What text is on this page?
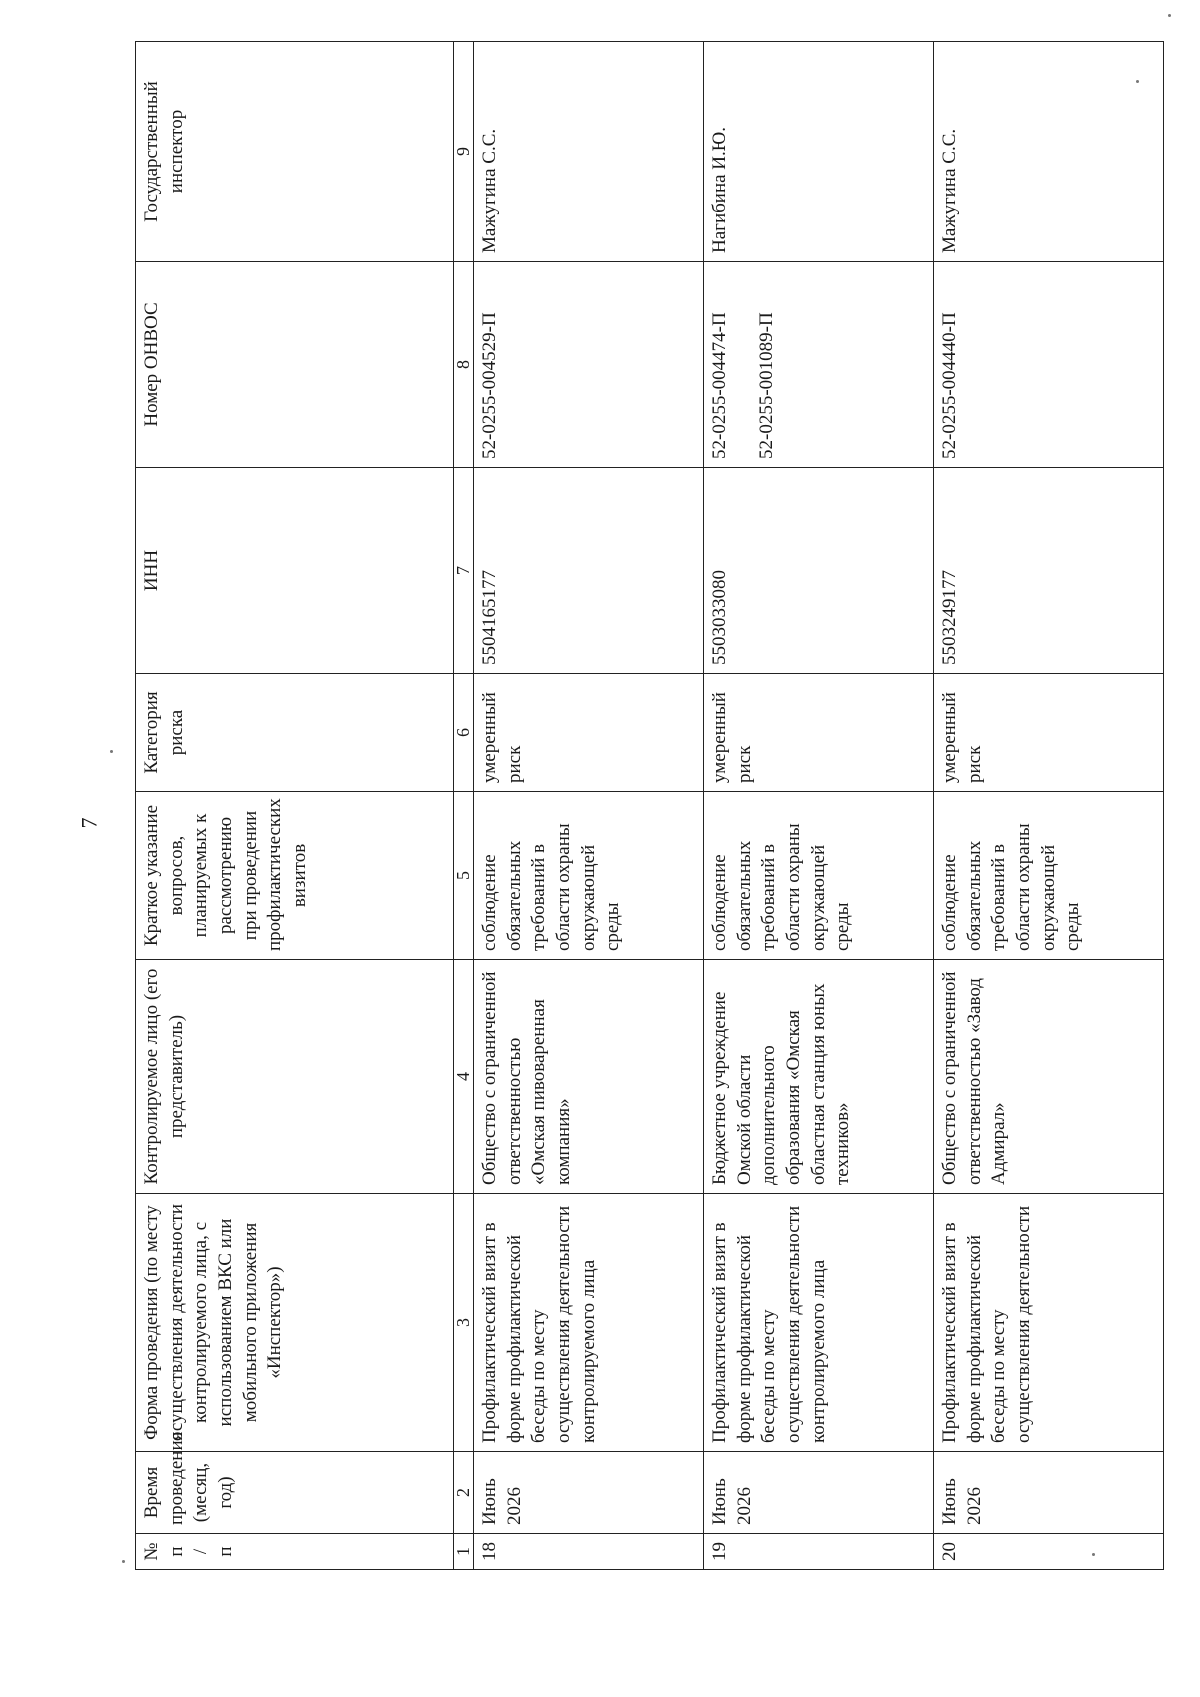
7
№ п / п	Время проведения (месяц, год)	Форма проведения (по месту осуществления деятельности контролируемого лица, с использованием ВКС или мобильного приложения «Инспектор»)	Контролируемое лицо (его представитель)	Краткое указание вопросов, планируемых к рассмотрению при проведении профилактических визитов	Категория риска	ИНН	Номер ОНВОС	Государственный инспектор
1	2	3	4	5	6	7	8	9
18	Июнь 2026	Профилактический визит в форме профилактической беседы по месту осуществления деятельности контролируемого лица	Общество с ограниченной ответственностью «Омская пивоваренная компания»	соблюдение обязательных требований в области охраны окружающей среды	умеренный риск	5504165177	52-0255-004529-П	Мажугина С.С.
19	Июнь 2026	Профилактический визит в форме профилактической беседы по месту осуществления деятельности контролируемого лица	Бюджетное учреждение Омской области дополнительного образования «Омская областная станция юных техников»	соблюдение обязательных требований в области охраны окружающей среды	умеренный риск	5503033080	52-0255-004474-П 52-0255-001089-П	Нагибина И.Ю.
20	Июнь 2026	Профилактический визит в форме профилактической беседы по месту осуществления деятельности	Общество с ограниченной ответственностью «Завод Адмирал»	соблюдение обязательных требований в области охраны окружающей среды	умеренный риск	5503249177	52-0255-004440-П	Мажугина С.С.
